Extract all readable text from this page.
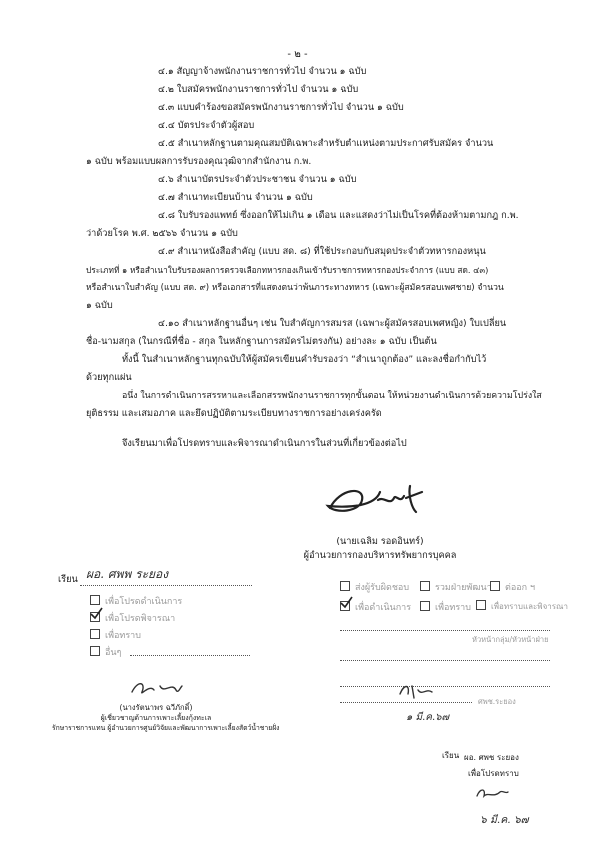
- ๒ -
๔.๑ สัญญาจ้างพนักงานราชการทั่วไป จำนวน ๑ ฉบับ
๔.๒ ใบสมัครพนักงานราชการทั่วไป จำนวน ๑ ฉบับ
๔.๓ แบบคำร้องขอสมัครพนักงานราชการทั่วไป จำนวน ๑ ฉบับ
๔.๔ บัตรประจำตัวผู้สอบ
๔.๕ สำเนาหลักฐานตามคุณสมบัติเฉพาะสำหรับตำแหน่งตามประกาศรับสมัคร จำนวน
๑ ฉบับ พร้อมแบบผลการรับรองคุณวุฒิจากสำนักงาน ก.พ.
๔.๖ สำเนาบัตรประจำตัวประชาชน จำนวน ๑ ฉบับ
๔.๗ สำเนาทะเบียนบ้าน จำนวน ๑ ฉบับ
๔.๘ ใบรับรองแพทย์ ซึ่งออกให้ไม่เกิน ๑ เดือน และแสดงว่าไม่เป็นโรคที่ต้องห้ามตามกฎ ก.พ.
ว่าด้วยโรค พ.ศ. ๒๕๖๖ จำนวน ๑ ฉบับ
๔.๙ สำเนาหนังสือสำคัญ (แบบ สด. ๘) ที่ใช้ประกอบกับสมุดประจำตัวทหารกองหนุน
ประเภทที่ ๑ หรือสำเนาใบรับรองผลการตรวจเลือกทหารกองเกินเข้ารับราชการทหารกองประจำการ (แบบ สด. ๔๓)
หรือสำเนาใบสำคัญ (แบบ สด. ๙) หรือเอกสารที่แสดงตนว่าพ้นภาระทางทหาร (เฉพาะผู้สมัครสอบเพศชาย) จำนวน
๑ ฉบับ
๔.๑๐ สำเนาหลักฐานอื่นๆ เช่น ใบสำคัญการสมรส (เฉพาะผู้สมัครสอบเพศหญิง) ใบเปลี่ยน
ชื่อ-นามสกุล (ในกรณีที่ชื่อ - สกุล ในหลักฐานการสมัครไม่ตรงกัน) อย่างละ ๑ ฉบับ เป็นต้น
ทั้งนี้ ในสำเนาหลักฐานทุกฉบับให้ผู้สมัครเขียนคำรับรองว่า “สำเนาถูกต้อง” และลงชื่อกำกับไว้
ด้วยทุกแผ่น
อนึ่ง ในการดำเนินการสรรหาและเลือกสรรพนักงานราชการทุกขั้นตอน ให้หน่วยงานดำเนินการด้วยความโปร่งใส
ยุติธรรม และเสมอภาค และยึดปฏิบัติตามระเบียบทางราชการอย่างเคร่งครัด
จึงเรียนมาเพื่อโปรดทราบและพิจารณาดำเนินการในส่วนที่เกี่ยวข้องต่อไป
(นายเฉลิม รอดอินทร์)
ผู้อำนวยการกองบริหารทรัพยากรบุคคล
เรียน ผอ. ศพพ ระยอง
เพื่อโปรดดำเนินการ
เพื่อโปรดพิจารณา
เพื่อทราบ
อื่นๆ
(นางรัตนาพร ฉวีภักดิ์)
ผู้เชี่ยวชาญด้านการเพาะเลี้ยงกุ้งทะเล
รักษาราชการแทน ผู้อำนวยการศูนย์วิจัยและพัฒนาการเพาะเลี้ยงสัตว์น้ำชายฝั่ง
ส่งผู้รับผิดชอบ	รวมฝ่ายพัฒนา	ต่ออก ฯ
เพื่อดำเนินการ	เพื่อทราบ	เพื่อทราบและพิจารณา
หัวหน้ากลุ่ม/หัวหน้าฝ่าย
ศพช.ระยอง
๑ มี.ค.๖๗
เรียน ผอ. ศพช ระยอง
เพื่อโปรดทราบ
๖ มี.ค. ๖๗
